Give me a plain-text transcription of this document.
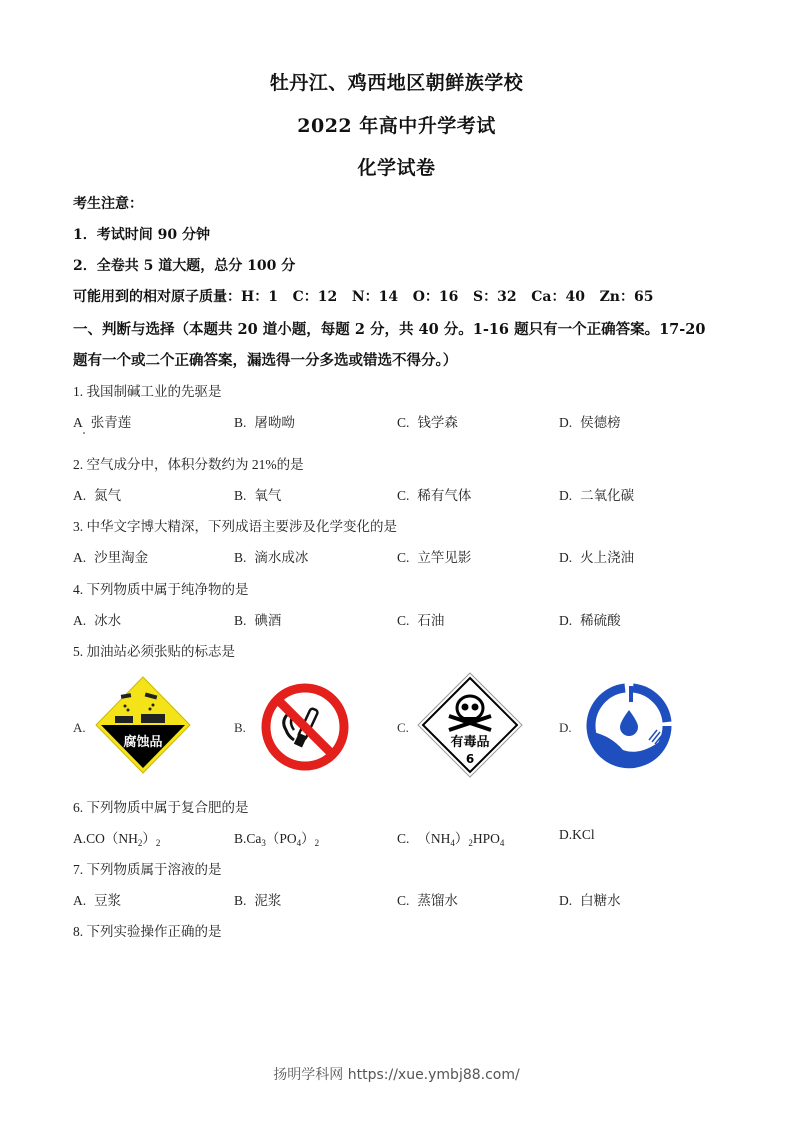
牡丹江、鸡西地区朝鲜族学校
2022 年高中升学考试
化学试卷
考生注意：
1．考试时间 90 分钟
2．全卷共 5 道大题，总分 100 分
可能用到的相对原子质量：H：1   C：12   N：14   O：16   S：32   Ca：40   Zn：65
一、判断与选择（本题共 20 道小题，每题 2 分，共 40 分。1-16 题只有一个正确答案。17-20
题有一个或二个正确答案，漏选得一分多选或错选不得分。）
1. 我国制碱工业的先驱是
A 张青莲	B. 屠呦呦	C. 钱学森	D. 侯德榜
2. 空气成分中，体积分数约为 21%的是
A. 氮气	B. 氧气	C. 稀有气体	D. 二氧化碳
3. 中华文字博大精深，下列成语主要涉及化学变化的是
A. 沙里淘金	B. 滴水成冰	C. 立竿见影	D. 火上浇油
4. 下列物质中属于纯净物的是
A. 冰水	B. 碘酒	C. 石油	D. 稀硫酸
5. 加油站必须张贴的标志是
A.
腐蚀品
B.	C.
有毒品
6
D.
6. 下列物质中属于复合肥的是
$A.CO(NH_2)_2$	$B.Ca_3(PO_4)_2$	C. $(NH_4)_2HPO_4$
D.KCl
7. 下列物质属于溶液的是
A. 豆浆	B. 泥浆	C. 蒸馏水	D. 白糖水
8. 下列实验操作正确的是
扬明学科网 https://xue.ymbj88.com/
